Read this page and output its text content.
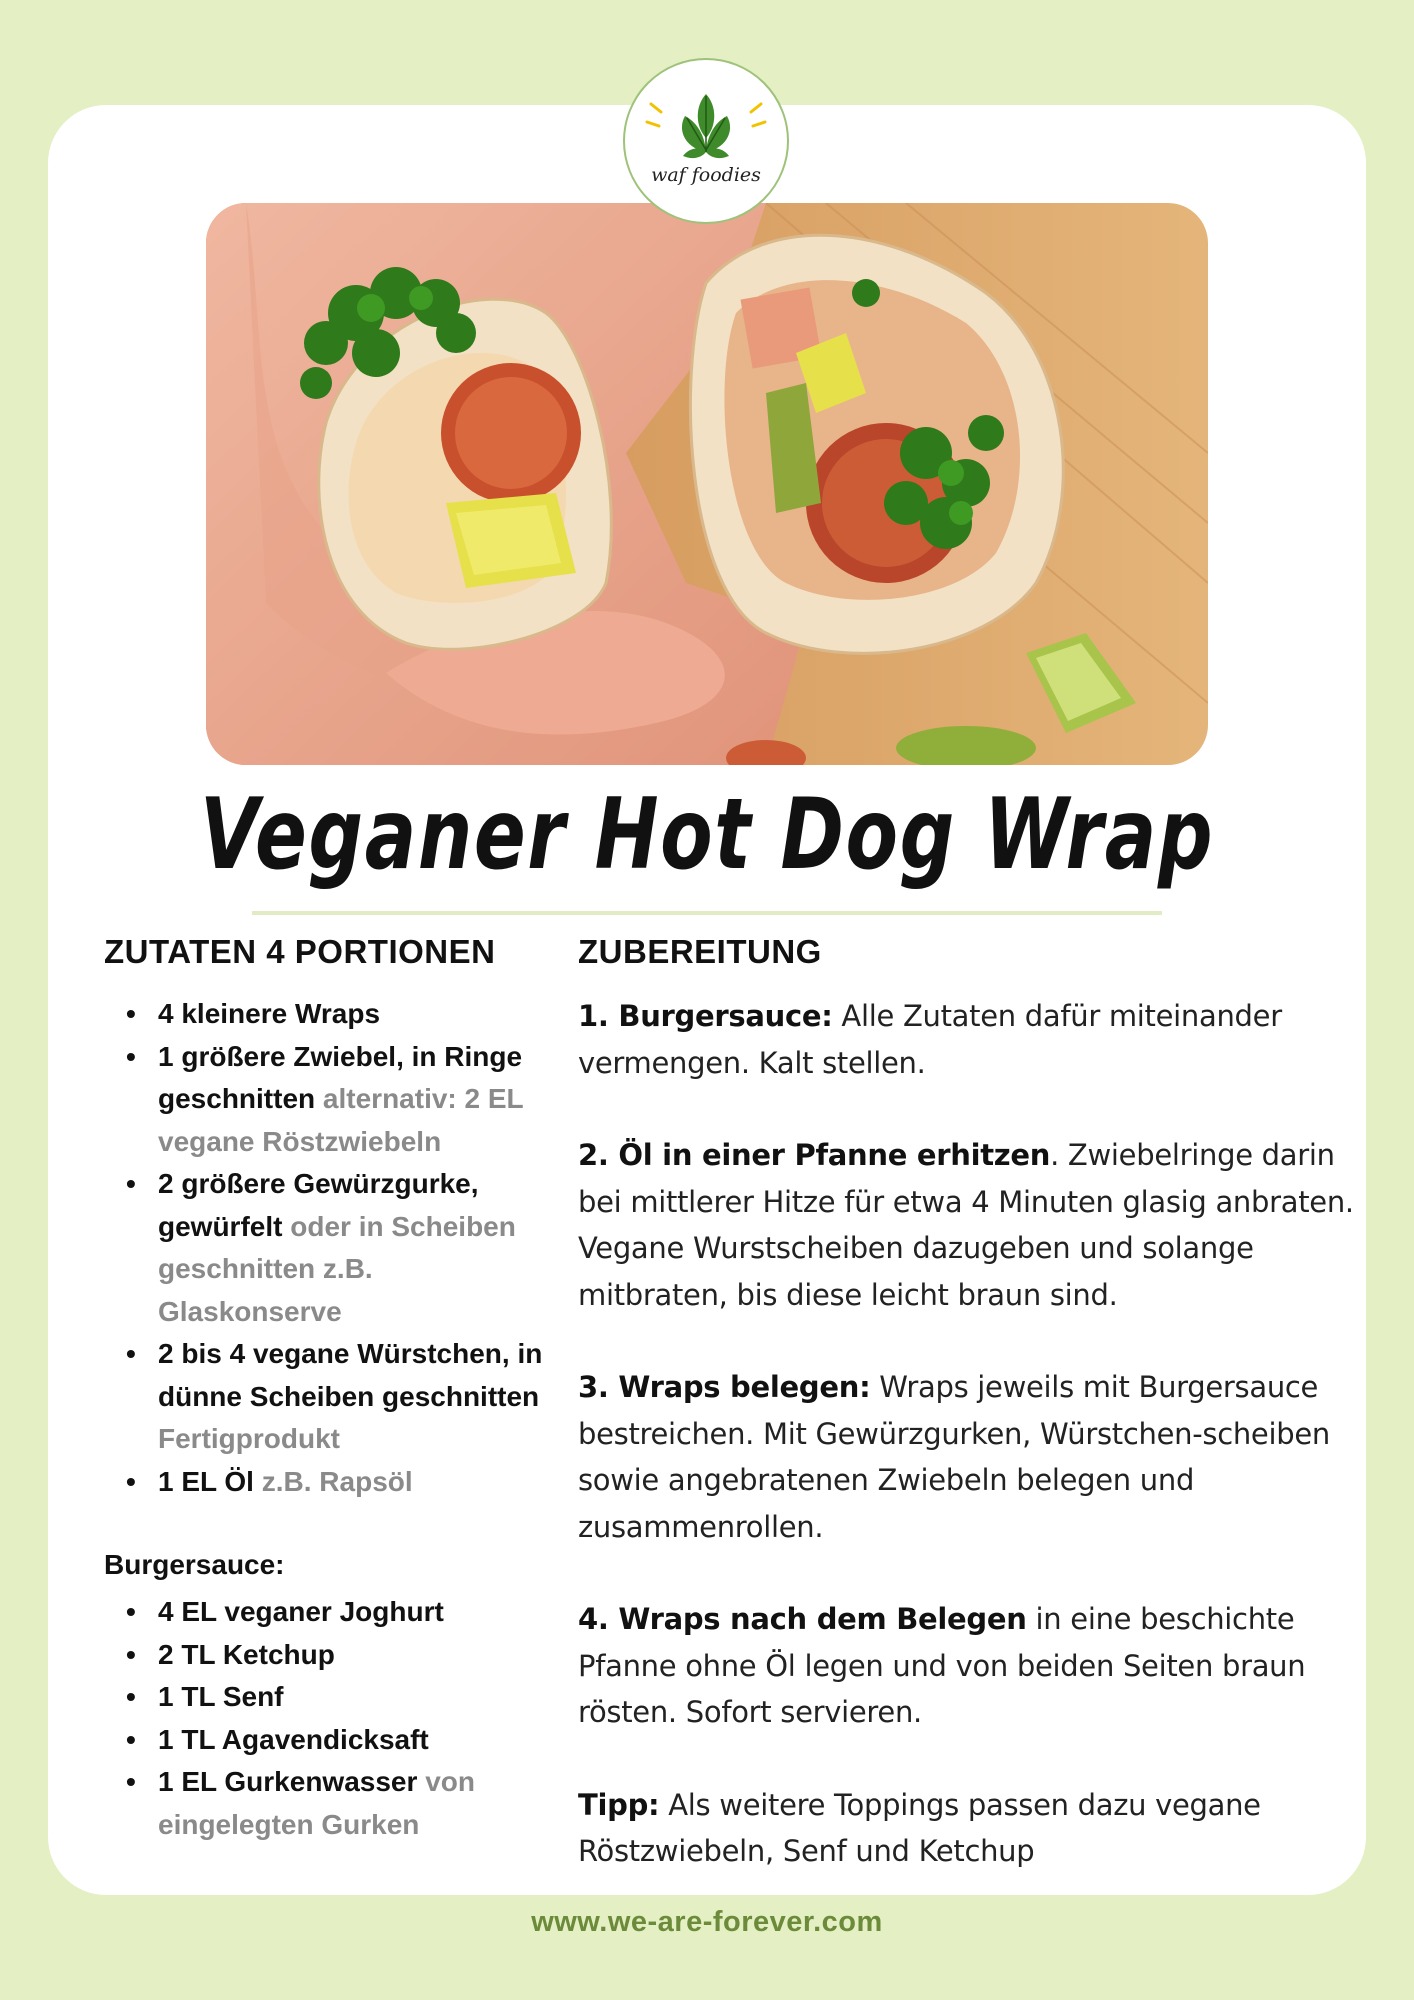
waf foodies
Veganer Hot Dog Wrap
ZUTATEN 4 PORTIONEN
• 4 kleinere Wraps
• 1 größere Zwiebel, in Ringe geschnitten alternativ: 2 EL vegane Röstzwiebeln
• 2 größere Gewürzgurke, gewürfelt oder in Scheiben geschnitten z.B. Glaskonserve
• 2 bis 4 vegane Würstchen, in dünne Scheiben geschnitten Fertigprodukt
• 1 EL Öl z.B. Rapsöl
Burgersauce:
• 4 EL veganer Joghurt
• 2 TL Ketchup
• 1 TL Senf
• 1 TL Agavendicksaft
• 1 EL Gurkenwasser von eingelegten Gurken
ZUBEREITUNG

1. Burgersauce: Alle Zutaten dafür miteinander vermengen. Kalt stellen.

2. Öl in einer Pfanne erhitzen. Zwiebelringe darin bei mittlerer Hitze für etwa 4 Minuten glasig anbraten. Vegane Wurstscheiben dazugeben und solange mitbraten, bis diese leicht braun sind.

3. Wraps belegen: Wraps jeweils mit Burgersauce bestreichen. Mit Gewürzgurken, Würstchen-scheiben sowie angebratenen Zwiebeln belegen und zusammenrollen.

4. Wraps nach dem Belegen in eine beschichte Pfanne ohne Öl legen und von beiden Seiten braun rösten. Sofort servieren.

Tipp: Als weitere Toppings passen dazu vegane Röstzwiebeln, Senf und Ketchup

www.we-are-forever.com
